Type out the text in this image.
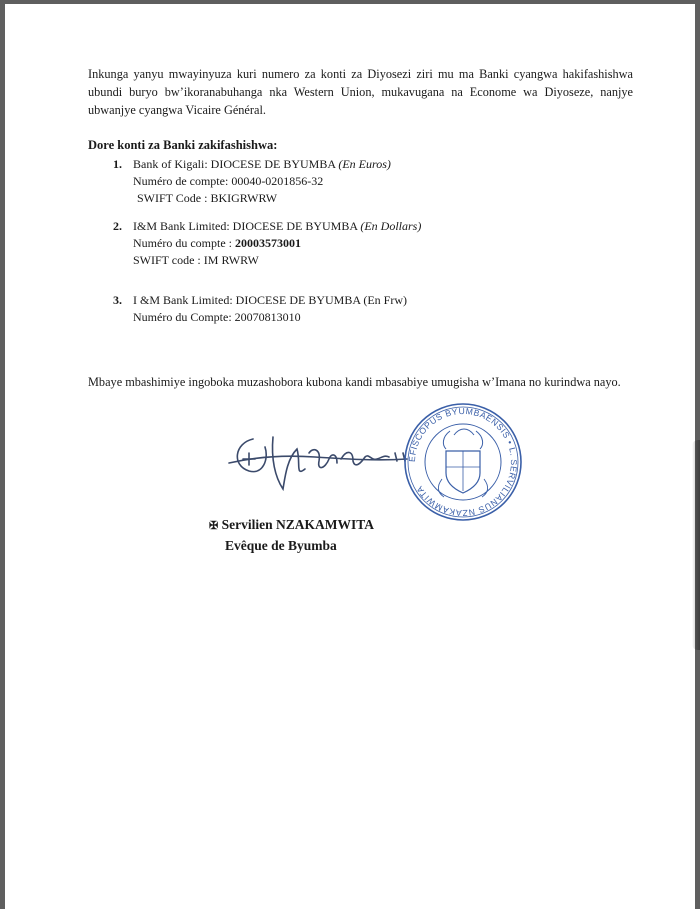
Inkunga yanyu mwayinyuza kuri numero za konti za Diyosezi ziri mu ma Banki cyangwa hakifashishwa ubundi buryo bw’ikoranabuhanga nka Western Union, mukavugana na Econome wa Diyoseze, nanjye ubwanjye cyangwa Vicaire Général.

Dore konti za Banki zakifashishwa:

1. Bank of Kigali: DIOCESE DE BYUMBA (En Euros)
Numéro de compte: 00040-0201856-32
SWIFT Code : BKIGRWRW
2. I&M Bank Limited: DIOCESE DE BYUMBA (En Dollars)
Numéro du compte : 20003573001
SWIFT code : IM RWRW
3. I &M Bank Limited: DIOCESE DE BYUMBA (En Frw)
Numéro du Compte: 20070813010

Mbaye mbashimiye ingoboka muzashobora kubona kandi mbasabiye umugisha w’Imana no kurindwa nayo.

EFISCOPUS BYUMBAENSIS • L. SERVILIANUS NZAKAMWITA
✠ Servilien NZAKAMWITA
Evêque de Byumba
